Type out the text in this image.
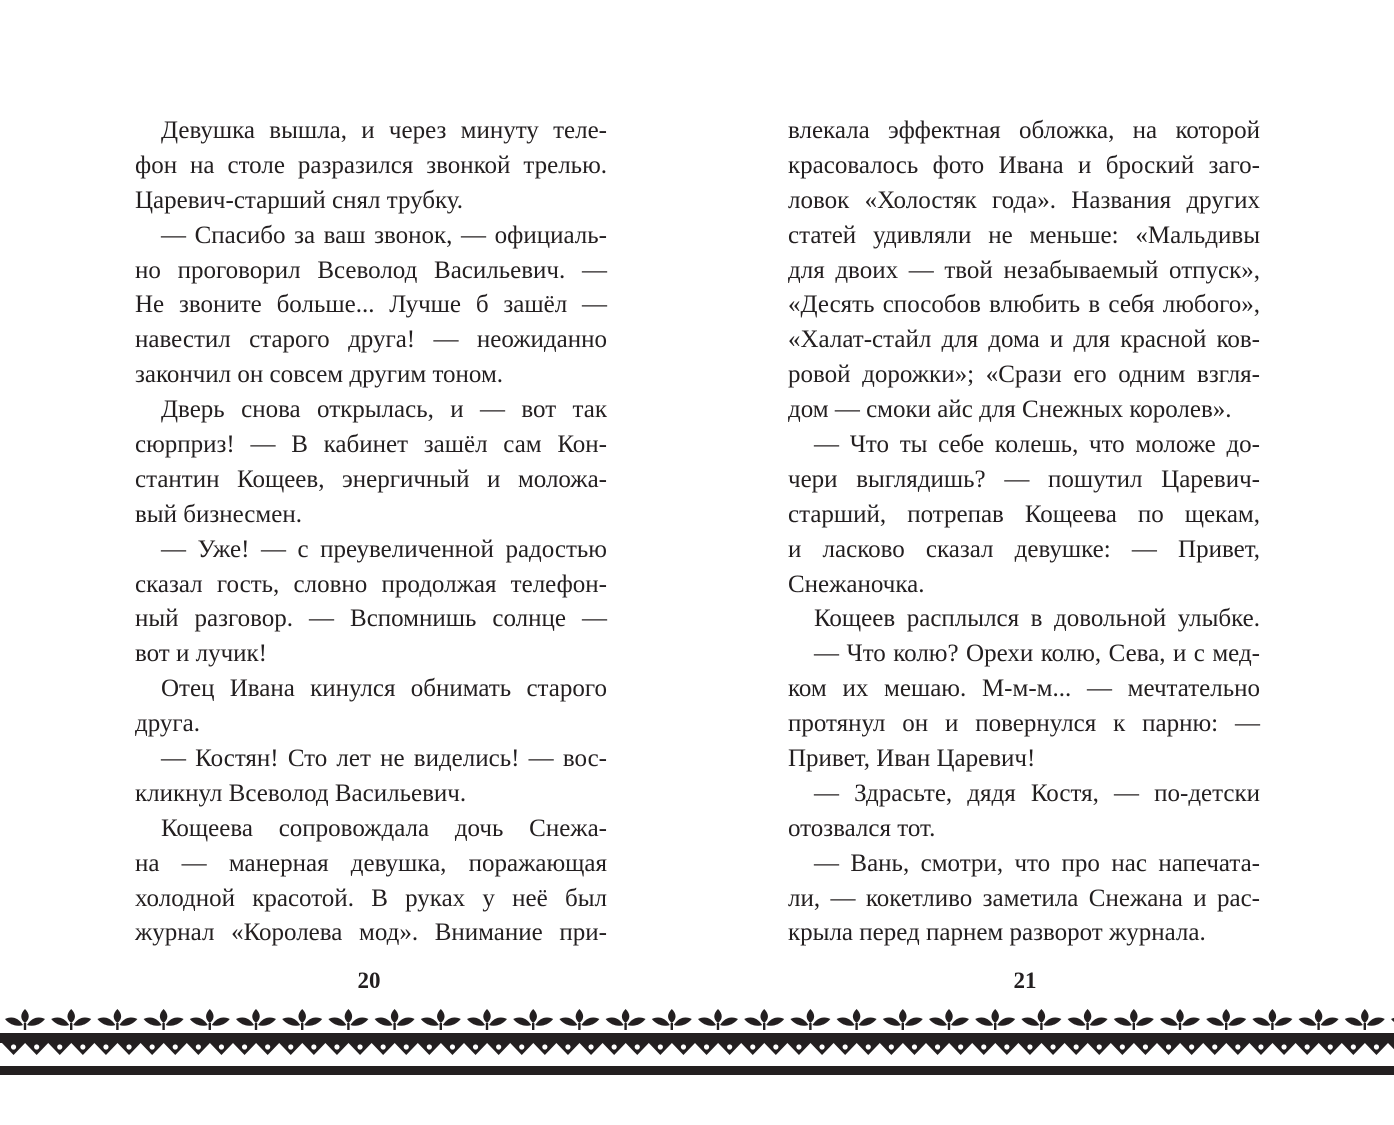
Девушка вышла, и через минуту теле-
фон на столе разразился звонкой трелью.
Царевич-старший снял трубку.
— Спасибо за ваш звонок, — официаль-
но проговорил Всеволод Васильевич. —
Не звоните больше... Лучше б зашёл —
навестил старого друга! — неожиданно
закончил он совсем другим тоном.
Дверь снова открылась, и — вот так
сюрприз! — В кабинет зашёл сам Кон-
стантин Кощеев, энергичный и моложа-
вый бизнесмен.
— Уже! — с преувеличенной радостью
сказал гость, словно продолжая телефон-
ный разговор. — Вспомнишь солнце —
вот и лучик!
Отец Ивана кинулся обнимать старого
друга.
— Костян! Сто лет не виделись! — вос-
кликнул Всеволод Васильевич.
Кощеева сопровождала дочь Снежа-
на — манерная девушка, поражающая
холодной красотой. В руках у неё был
журнал «Королева мод». Внимание при-
20
влекала эффектная обложка, на которой
красовалось фото Ивана и броский заго-
ловок «Холостяк года». Названия других
статей удивляли не меньше: «Мальдивы
для двоих — твой незабываемый отпуск»,
«Десять способов влюбить в себя любого»,
«Халат-стайл для дома и для красной ков-
ровой дорожки»; «Срази его одним взгля-
дом — смоки айс для Снежных королев».
— Что ты себе колешь, что моложе до-
чери выглядишь? — пошутил Царевич-
старший, потрепав Кощеева по щекам,
и ласково сказал девушке: — Привет,
Снежаночка.
Кощеев расплылся в довольной улыбке.
— Что колю? Орехи колю, Сева, и с мед-
ком их мешаю. М-м-м... — мечтательно
протянул он и повернулся к парню: —
Привет, Иван Царевич!
— Здрасьте, дядя Костя, — по-детски
отозвался тот.
— Вань, смотри, что про нас напечата-
ли, — кокетливо заметила Снежана и рас-
крыла перед парнем разворот журнала.
21
